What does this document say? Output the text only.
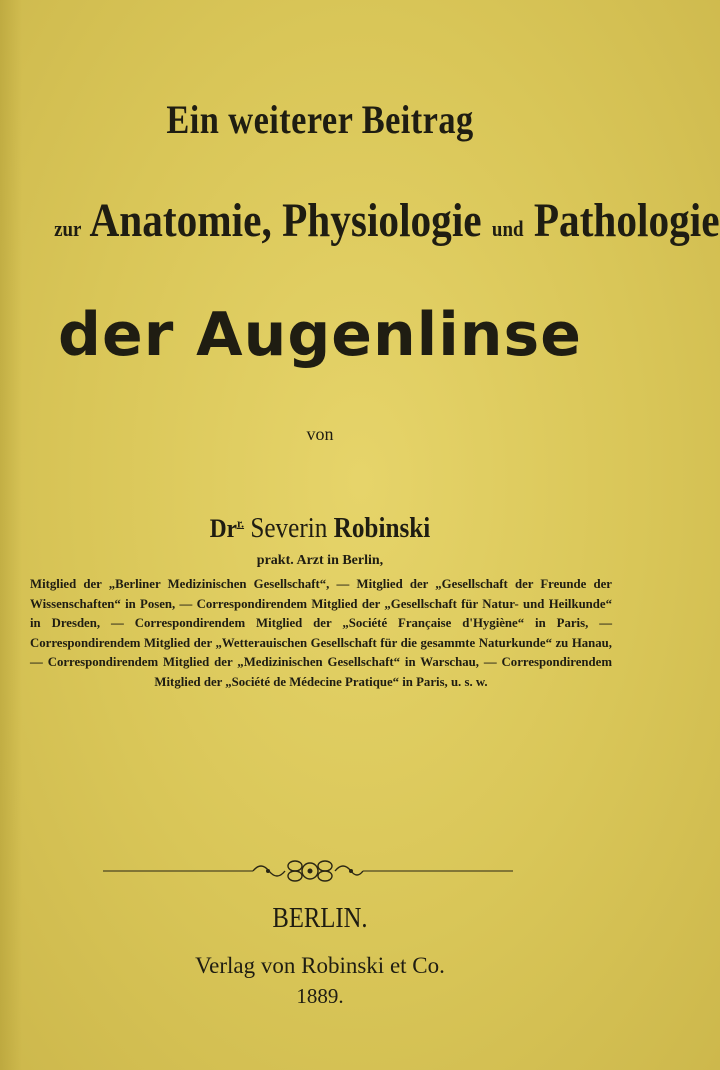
Ein weiterer Beitrag
zur Anatomie, Physiologie und Pathologie
der Augenlinse
von
$Dr^{r.}$ Severin Robinski
prakt. Arzt in Berlin,

Mitglied der „Berliner Medizinischen Gesellschaft“, — Mitglied der „Gesellschaft der Freunde der Wissenschaften“ in Posen, — Correspondirendem Mitglied der „Gesellschaft für Natur- und Heilkunde“ in Dresden, — Correspondirendem Mitglied der „Société Française d'Hygiène“ in Paris, — Correspondirendem Mitglied der „Wetterauischen Gesellschaft für die gesammte Naturkunde“ zu Hanau, — Correspondirendem Mitglied der „Medizinischen Gesellschaft“ in Warschau, — Correspondirendem Mitglied der „Société de Médecine Pratique“ in Paris, u. s. w.

BERLIN.
Verlag von Robinski et Co.
1889.
